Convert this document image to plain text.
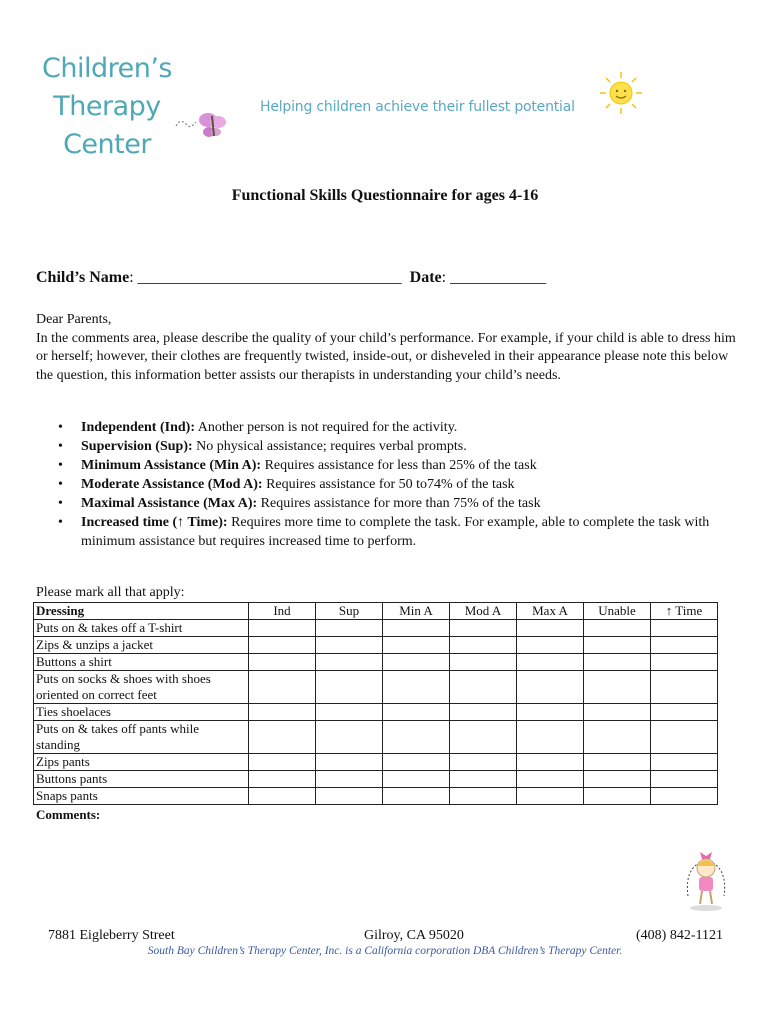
Children’s
Therapy
Center
Helping children achieve their fullest potential
Functional Skills Questionnaire for ages 4-16
Child’s Name: _________________________________ Date: ____________
Dear Parents,
In the comments area, please describe the quality of your child’s performance. For example, if your child is able to dress him or herself; however, their clothes are frequently twisted, inside-out, or disheveled in their appearance please note this below the question, this information better assists our therapists in understanding your child’s needs.
• Independent (Ind): Another person is not required for the activity.
• Supervision (Sup): No physical assistance; requires verbal prompts.
• Minimum Assistance (Min A): Requires assistance for less than 25% of the task
• Moderate Assistance (Mod A): Requires assistance for 50 to74% of the task
• Maximal Assistance (Max A): Requires assistance for more than 75% of the task
• Increased time (↑ Time): Requires more time to complete the task. For example, able to complete the task with minimum assistance but requires increased time to perform.
Please mark all that apply:
Dressing	Ind	Sup	Min A	Mod A	Max A	Unable	↑ Time
Puts on & takes off a T-shirt							
Zips & unzips a jacket							
Buttons a shirt							
Puts on socks & shoes with shoes oriented on correct feet							
Ties shoelaces							
Puts on & takes off pants while standing							
Zips pants							
Buttons pants							
Snaps pants							
Comments:
7881 Eigleberry Street	Gilroy, CA 95020	(408) 842-1121
South Bay Children’s Therapy Center, Inc. is a California corporation DBA Children’s Therapy Center.
